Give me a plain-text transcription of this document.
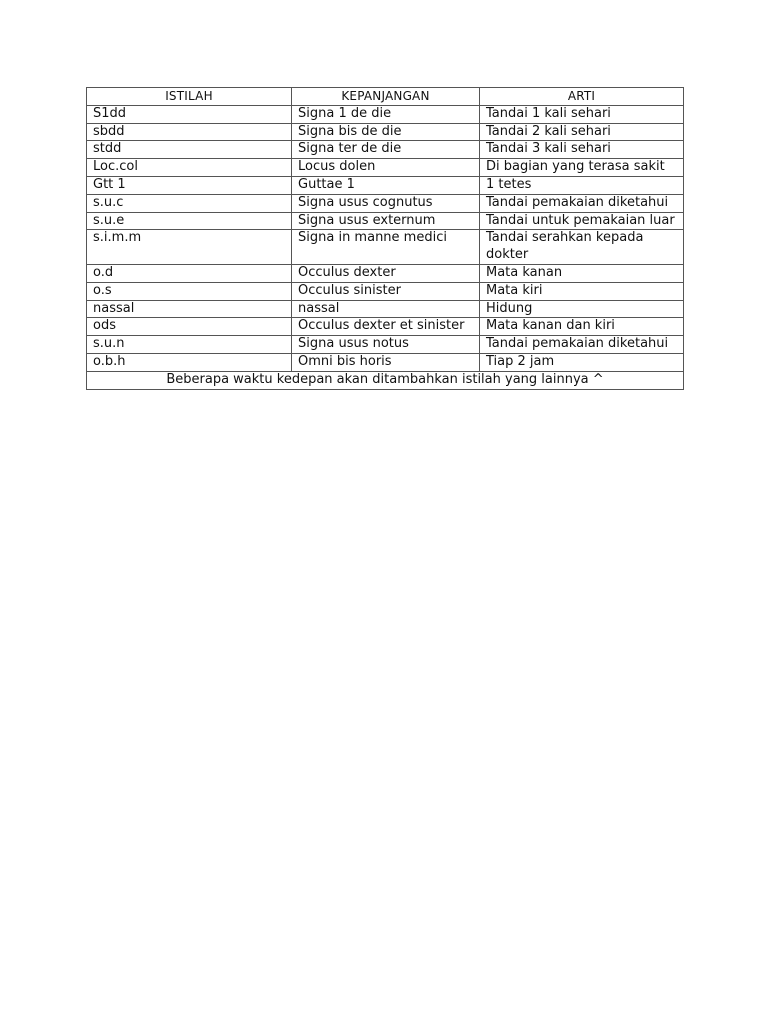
ISTILAH	KEPANJANGAN	ARTI
S1dd	Signa 1 de die	Tandai 1 kali sehari
sbdd	Signa bis de die	Tandai 2 kali sehari
stdd	Signa ter de die	Tandai 3 kali sehari
Loc.col	Locus dolen	Di bagian yang terasa sakit
Gtt 1	Guttae 1	1 tetes
s.u.c	Signa usus cognutus	Tandai pemakaian diketahui
s.u.e	Signa usus externum	Tandai untuk pemakaian luar
s.i.m.m	Signa in manne medici	Tandai serahkan kepada dokter
o.d	Occulus dexter	Mata kanan
o.s	Occulus sinister	Mata kiri
nassal	nassal	Hidung
ods	Occulus dexter et sinister	Mata kanan dan kiri
s.u.n	Signa usus notus	Tandai pemakaian diketahui
o.b.h	Omni bis horis	Tiap 2 jam
Beberapa waktu kedepan akan ditambahkan istilah yang lainnya ^		
